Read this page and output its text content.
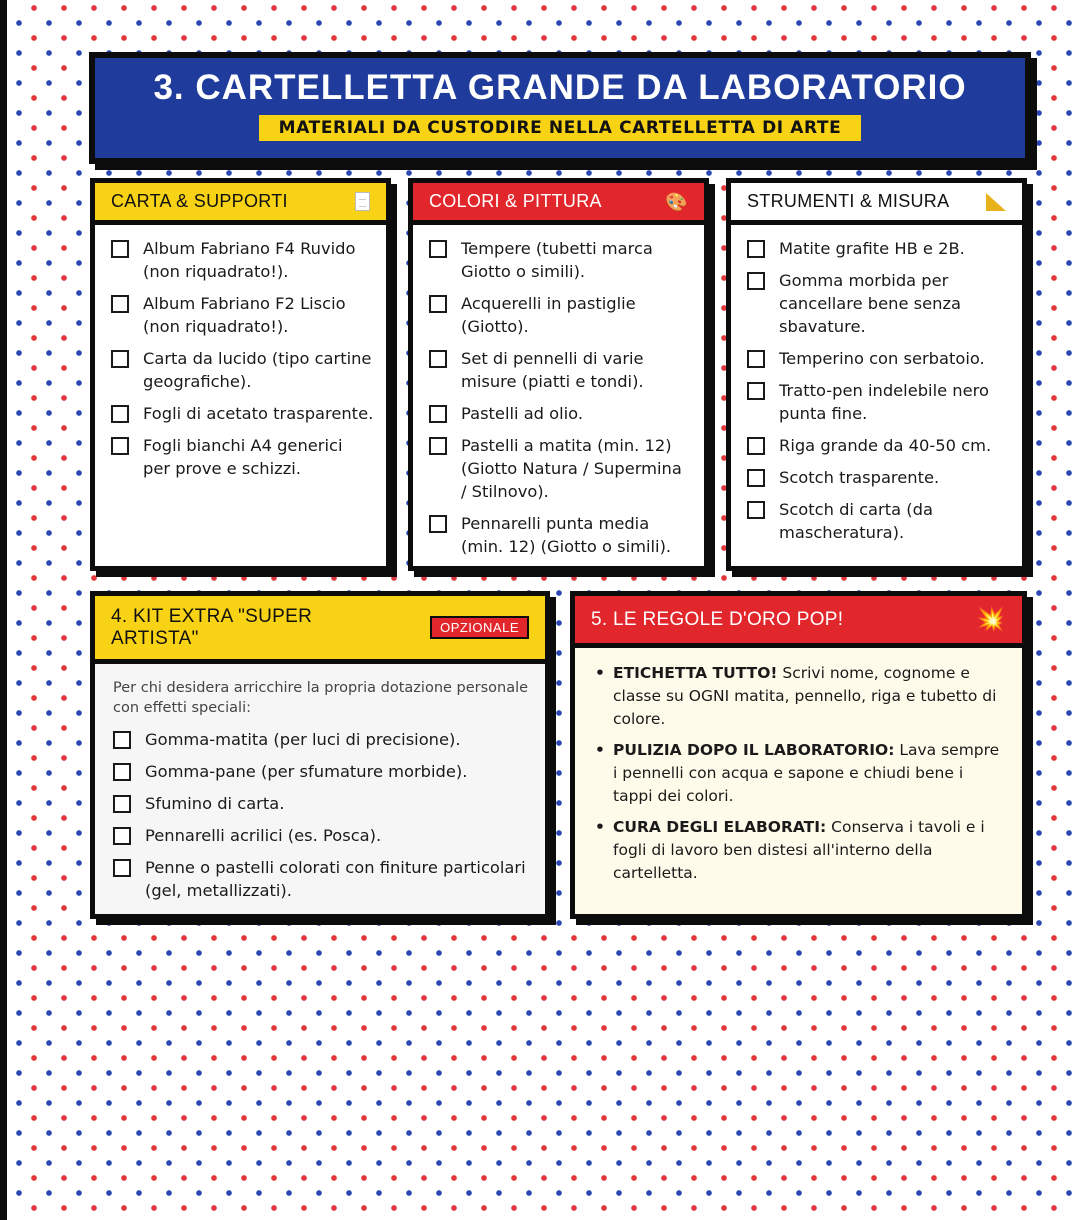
3. CARTELLETTA GRANDE DA LABORATORIO
MATERIALI DA CUSTODIRE NELLA CARTELLETTA DI ARTE
CARTA & SUPPORTI
Album Fabriano F4 Ruvido (non riquadrato!).
Album Fabriano F2 Liscio (non riquadrato!).
Carta da lucido (tipo cartine geografiche).
Fogli di acetato trasparente.
Fogli bianchi A4 generici per prove e schizzi.
COLORI & PITTURA	🎨
Tempere (tubetti marca Giotto o simili).
Acquerelli in pastiglie (Giotto).
Set di pennelli di varie misure (piatti e tondi).
Pastelli ad olio.
Pastelli a matita (min. 12) (Giotto Natura / Supermina / Stilnovo).
Pennarelli punta media (min. 12) (Giotto o simili).
STRUMENTI & MISURA
Matite grafite HB e 2B.
Gomma morbida per cancellare bene senza sbavature.
Temperino con serbatoio.
Tratto-pen indelebile nero punta fine.
Riga grande da 40-50 cm.
Scotch trasparente.
Scotch di carta (da mascheratura).
4. KIT EXTRA "SUPER ARTISTA"	OPZIONALE
Per chi desidera arricchire la propria dotazione personale con effetti speciali:
Gomma-matita (per luci di precisione).
Gomma-pane (per sfumature morbide).
Sfumino di carta.
Pennarelli acrilici (es. Posca).
Penne o pastelli colorati con finiture particolari (gel, metallizzati).
5. LE REGOLE D'ORO POP!	💥
• ETICHETTA TUTTO! Scrivi nome, cognome e classe su OGNI matita, pennello, riga e tubetto di colore.
• PULIZIA DOPO IL LABORATORIO: Lava sempre i pennelli con acqua e sapone e chiudi bene i tappi dei colori.
• CURA DEGLI ELABORATI: Conserva i tavoli e i fogli di lavoro ben distesi all'interno della cartelletta.
